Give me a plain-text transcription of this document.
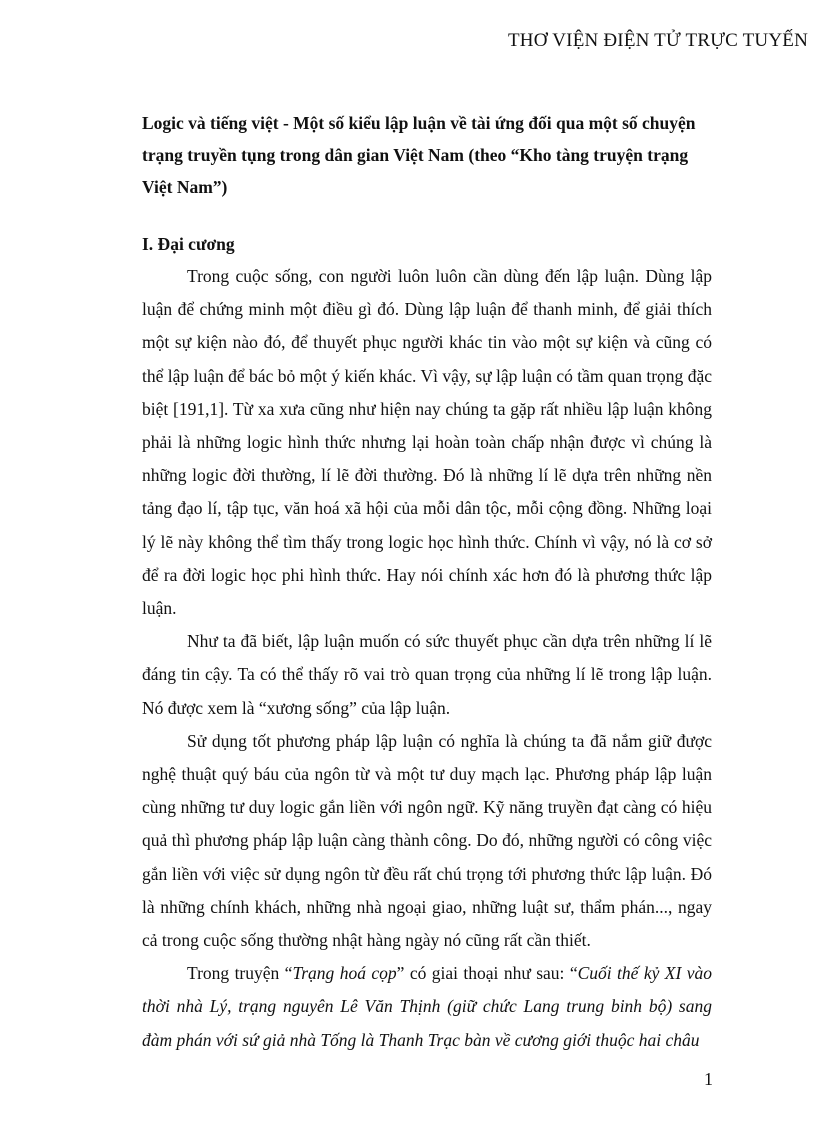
THƠ VIỆN ĐIỆN TỬ TRỰC TUYẾN

Logic và tiếng việt - Một số kiểu lập luận về tài ứng đối qua một số chuyện trạng truyền tụng trong dân gian Việt Nam (theo “Kho tàng truyện trạng Việt Nam”)

I. Đại cương

Trong cuộc sống, con người luôn luôn cần dùng đến lập luận. Dùng lập luận để chứng minh một điều gì đó. Dùng lập luận để thanh minh, để giải thích một sự kiện nào đó, để thuyết phục người khác tin vào một sự kiện và cũng có thể lập luận để bác bỏ một ý kiến khác. Vì vậy, sự lập luận có tầm quan trọng đặc biệt [191,1]. Từ xa xưa cũng như hiện nay chúng ta gặp rất nhiều lập luận không phải là những logic hình thức nhưng lại hoàn toàn chấp nhận được vì chúng là những logic đời thường, lí lẽ đời thường. Đó là những lí lẽ dựa trên những nền tảng đạo lí, tập tục, văn hoá xã hội của mỗi dân tộc, mỗi cộng đồng. Những loại lý lẽ này không thể tìm thấy trong logic học hình thức. Chính vì vậy, nó là cơ sở để ra đời logic học phi hình thức. Hay nói chính xác hơn đó là phương thức lập luận.

Như ta đã biết, lập luận muốn có sức thuyết phục cần dựa trên những lí lẽ đáng tin cậy. Ta có thể thấy rõ vai trò quan trọng của những lí lẽ trong lập luận. Nó được xem là “xương sống” của lập luận.

Sử dụng tốt phương pháp lập luận có nghĩa là chúng ta đã nắm giữ được nghệ thuật quý báu của ngôn từ và một tư duy mạch lạc. Phương pháp lập luận cùng những tư duy logic gắn liền với ngôn ngữ. Kỹ năng truyền đạt càng có hiệu quả thì phương pháp lập luận càng thành công. Do đó, những người có công việc gắn liền với việc sử dụng ngôn từ đều rất chú trọng tới phương thức lập luận. Đó là những chính khách, những nhà ngoại giao, những luật sư, thẩm phán..., ngay cả trong cuộc sống thường nhật hàng ngày nó cũng rất cần thiết.

Trong truyện “Trạng hoá cọp” có giai thoại như sau: “Cuối thế kỷ XI vào thời nhà Lý, trạng nguyên Lê Văn Thịnh (giữ chức Lang trung binh bộ) sang đàm phán với sứ giả nhà Tống là Thanh Trạc bàn về cương giới thuộc hai châu

1
